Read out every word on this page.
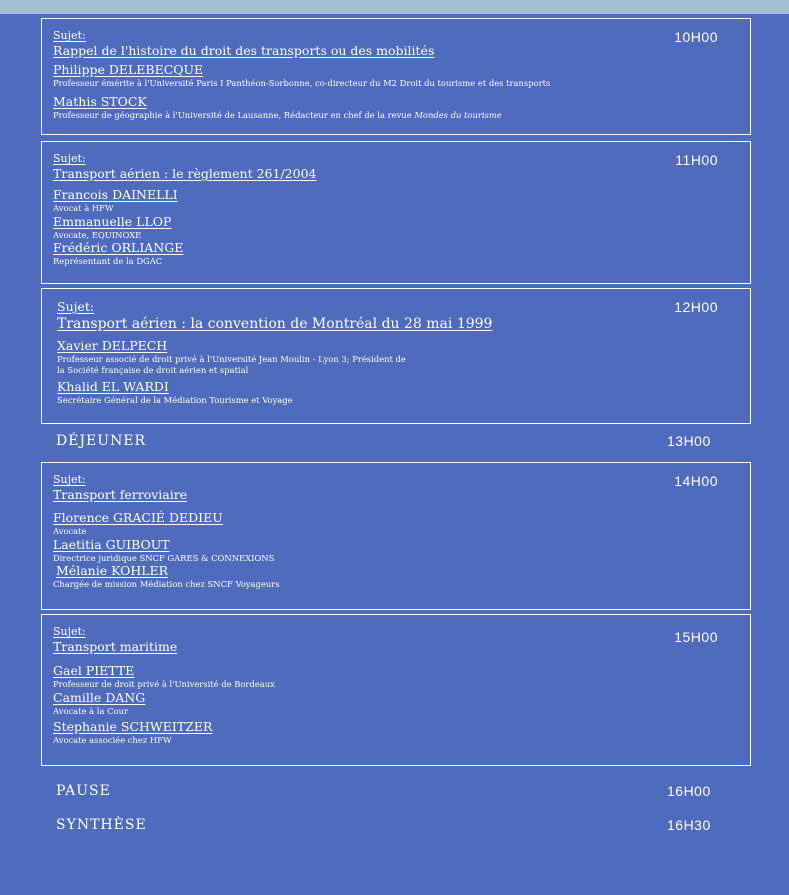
10H00
Sujet:
Rappel de l'histoire du droit des transports ou des mobilités
Philippe DELEBECQUE
Professeur émérite à l'Université Paris I Panthéon-Sorbonne, co-directeur du M2 Droit du tourisme et des transports
Mathis STOCK
Professeur de géographie à l'Université de Lausanne, Rédacteur en chef de la revue Mondes du tourisme
11H00
Sujet:
Transport aérien : le règlement 261/2004
Francois DAINELLI
Avocat à HFW
Emmanuelle LLOP
Avocate, EQUINOXE
Frédéric ORLIANGE
Représentant de la DGAC
12H00
Sujet:
Transport aérien : la convention de Montréal du 28 mai 1999
Xavier DELPECH
Professeur associé de droit privé à l'Université Jean Moulin - Lyon 3; Président de
la Société française de droit aérien et spatial
Khalid EL WARDI
Secrétaire Général de la Médiation Tourisme et Voyage
DÉJEUNER	13H00
14H00
Sujet:
Transport ferroviaire
Florence GRACIÉ DEDIEU
Avocate
Laetitia GUIBOUT
Directrice juridique SNCF GARES & CONNEXIONS
Mélanie KOHLER
Chargée de mission Médiation chez SNCF Voyageurs
15H00
Sujet:
Transport maritime
Gael PIETTE
Professeur de droit privé à l'Université de Bordeaux
Camille DANG
Avocate à la Cour
Stephanie SCHWEITZER
Avocate associée chez HFW
PAUSE	16H00
SYNTHÈSE	16H30
